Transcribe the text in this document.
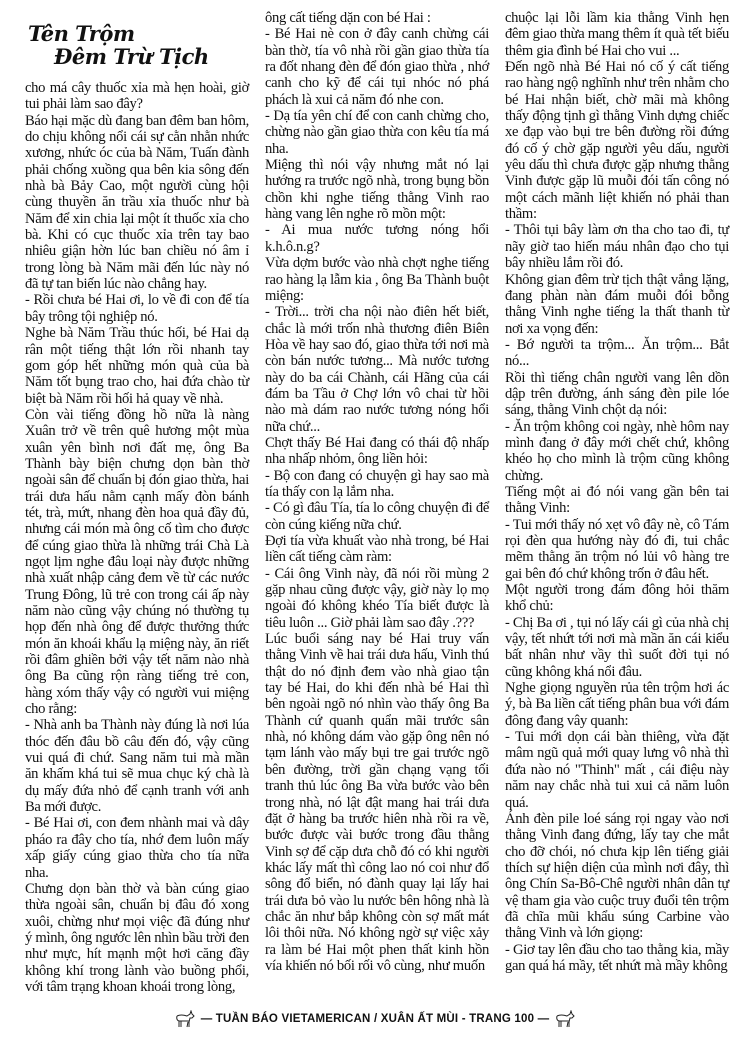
Tên Trộm
Đêm Trừ Tịch

cho má cây thuốc xỉa mà hẹn hoài, giờ tui phải làm sao đây?

Báo hại mặc dù đang ban đêm ban hôm, do chịu không nổi cái sự cằn nhằn nhức xương, nhức óc của bà Năm, Tuấn đành phải chống xuồng qua bên kia sông đến nhà bà Bảy Cao, một người cùng hội cùng thuyền ăn trầu xỉa thuốc như bà Năm để xin chia lại một ít thuốc xỉa cho bà. Khi có cục thuốc xỉa trên tay bao nhiêu giận hờn lúc ban chiều nó âm ỉ trong lòng bà Năm mãi đến lúc này nó đã tự tan biến lúc nào chẳng hay.

- Rồi chưa bé Hai ơi, lo về đi con để tía bây trông tội nghiệp nó.

Nghe bà Năm Trầu thúc hối, bé Hai dạ rân một tiếng thật lớn rồi nhanh tay gom góp hết những món quà của bà Năm tốt bụng trao cho, hai đứa chào từ biệt bà Năm rồi hối hả quay về nhà.

Còn vài tiếng đồng hồ nữa là nàng Xuân trở về trên quê hương một mùa xuân yên bình nơi đất mẹ, ông Ba Thành bày biện chưng dọn bàn thờ ngoài sân để chuẩn bị đón giao thừa, hai trái dưa hấu nằm cạnh mấy đòn bánh tét, trà, mứt, nhang đèn hoa quả đầy đủ, nhưng cái món mà ông cố tìm cho được để cúng giao thừa là những trái Chà Là ngọt lịm nghe đâu loại này được những nhà xuất nhập cảng đem về từ các nước Trung Đông, lũ trẻ con trong cái ấp này năm nào cũng vậy chúng nó thường tụ họp đến nhà ông để được thưởng thức món ăn khoái khẩu lạ miệng này, ăn riết rồi đâm ghiền bởi vậy tết năm nào nhà ông Ba cũng rộn ràng tiếng trẻ con, hàng xóm thấy vậy có người vui miệng cho rằng:

- Nhà anh ba Thành này đúng là nơi lúa thóc đến đâu bồ câu đến đó, vậy cũng vui quá đi chứ. Sang năm tui mà mần ăn khấm khá tui sẽ mua chục ký chà là dụ mấy đứa nhỏ để cạnh tranh với anh Ba mới được.

- Bé Hai ơi, con đem nhành mai và dây pháo ra đây cho tía, nhớ đem luôn mấy xấp giấy cúng giao thừa cho tía nữa nha.

Chưng dọn bàn thờ và bàn cúng giao thừa ngoài sân, chuẩn bị đâu đó xong xuôi, chừng như mọi việc đã đúng như ý mình, ông ngước lên nhìn bầu trời đen như mực, hít mạnh một hơi căng đầy không khí trong lành vào buồng phổi, với tâm trạng khoan khoái trong lòng,

ông cất tiếng dặn con bé Hai :

- Bé Hai nè con ở đây canh chừng cái bàn thờ, tía vô nhà rồi gần giao thừa tía ra đốt nhang đèn để đón giao thừa , nhớ canh cho kỹ để cái tụi nhóc nó phá phách là xui cả năm đó nhe con.

- Dạ tía yên chí để con canh chừng cho, chừng nào gần giao thừa con kêu tía má nha.

Miệng thì nói vậy nhưng mắt nó lại hướng ra trước ngõ nhà, trong bụng bồn chồn khi nghe tiếng thằng Vinh rao hàng vang lên nghe rõ mồn một:

- Ai mua nước tương nóng hổi k.h.ô.n.g?

Vừa dợm bước vào nhà chợt nghe tiếng rao hàng lạ lẫm kia , ông Ba Thành buột miệng:

- Trời... trời cha nội nào điên hết biết, chắc là mới trốn nhà thương điên Biên Hòa về hay sao đó, giao thừa tới nơi mà còn bán nước tương... Mà nước tương này do ba cái Chành, cái Hãng của cái đám ba Tầu ở Chợ lớn vô chai từ hồi nào mà dám rao nước tương nóng hổi nữa chứ...

Chợt thấy Bé Hai đang có thái độ nhấp nha nhấp nhỏm, ông liền hỏi:

- Bộ con đang có chuyện gì hay sao mà tía thấy con lạ lắm nha.

- Có gì đâu Tía, tía lo công chuyện đi để còn cúng kiếng nữa chứ.

Đợi tía vừa khuất vào nhà trong, bé Hai liền cất tiếng càm ràm:

- Cái ông Vinh này, đã nói rồi mùng 2 gặp nhau cũng được vậy, giờ này lọ mọ ngoài đó không khéo Tía biết được là tiêu luôn ... Giờ phải làm sao đây .???

Lúc buổi sáng nay bé Hai truy vấn thằng Vinh về hai trái dưa hấu, Vinh thú thật do nó định đem vào nhà giao tận tay bé Hai, do khi đến nhà bé Hai thì bên ngoài ngõ nó nhìn vào thấy ông Ba Thành cứ quanh quẩn mãi trước sân nhà, nó không dám vào gặp ông nên nó tạm lánh vào mấy bụi tre gai trước ngõ bên đường, trời gần chạng vạng tối tranh thủ lúc ông Ba vừa bước vào bên trong nhà, nó lật đật mang hai trái dưa đặt ở hàng ba trước hiên nhà rồi ra về, bước được vài bước trong đầu thằng Vinh sợ để cặp dưa chỗ đó có khi người khác lấy mất thì công lao nó coi như đổ sông đổ biển, nó đành quay lại lấy hai trái dưa bỏ vào lu nước bên hông nhà là chắc ăn như bắp không còn sợ mất mát lôi thôi nữa. Nó không ngờ sự việc xảy ra làm bé Hai một phen thất kinh hồn vía khiến nó bối rối vô cùng, như muốn

chuộc lại lỗi lầm kia thằng Vinh hẹn đêm giao thừa mang thêm ít quà tết biếu thêm gia đình bé Hai cho vui ...

Đến ngõ nhà Bé Hai nó cố ý cất tiếng rao hàng ngộ nghĩnh như trên nhằm cho bé Hai nhận biết, chờ mãi mà không thấy động tịnh gì thằng Vinh dựng chiếc xe đạp vào bụi tre bên đường rồi đứng đó cố ý chờ gặp người yêu dấu, người yêu dấu thì chưa được gặp nhưng thằng Vinh được gặp lũ muỗi đói tấn công nó một cách mãnh liệt khiến nó phải than thầm:

- Thôi tụi bây làm ơn tha cho tao đi, tự nãy giờ tao hiến máu nhân đạo cho tụi bây nhiều lắm rồi đó.

Không gian đêm trừ tịch thật vắng lặng, đang phàn nàn đám muỗi đói bỗng thằng Vinh nghe tiếng la thất thanh từ nơi xa vọng đến:

- Bớ người ta trộm... Ăn trộm... Bắt nó...

Rồi thì tiếng chân người vang lên dồn dập trên đường, ánh sáng đèn pile lóe sáng, thằng Vinh chột dạ nói:

- Ăn trộm không coi ngày, nhè hôm nay mình đang ở đây mới chết chứ, không khéo họ cho mình là trộm cũng không chừng.

Tiếng một ai đó nói vang gần bên tai thằng Vinh:

- Tui mới thấy nó xẹt vô đây nè, cô Tám rọi đèn qua hướng này đó đi, tui chắc mẽm thằng ăn trộm nó lủi vô hàng tre gai bên đó chứ không trốn ở đâu hết.

Một người trong đám đông hỏi thăm khổ chủ:

- Chị Ba ơi , tụi nó lấy cái gì của nhà chị vậy, tết nhứt tới nơi mà mần ăn cái kiểu bất nhân như vầy thì suốt đời tụi nó cũng không khá nổi đâu.

Nghe giọng nguyền rủa tên trộm hơi ác ý, bà Ba liền cất tiếng phân bua với đám đông đang vây quanh:

- Tui mới dọn cái bàn thiêng, vừa đặt mâm ngũ quả mới quay lưng vô nhà thì đứa nào nó "Thinh" mất , cái điệu này năm nay chắc nhà tui xui cả năm luôn quá.

Ánh đèn pile loé sáng rọi ngay vào nơi thằng Vinh đang đứng, lấy tay che mắt cho đỡ chói, nó chưa kịp lên tiếng giải thích sự hiện diện của mình nơi đây, thì ông Chín Sa-Bô-Chê người nhân dân tự vệ tham gia vào cuộc truy đuổi tên trộm đã chĩa mũi khẩu súng Carbine vào thằng Vinh và lớn giọng:

- Giơ tay lên đầu cho tao thằng kia, mầy gan quá há mầy, tết nhứt mà mầy không

— TUẦN BÁO VIETAMERICAN / XUÂN ẤT MÙI - TRANG 100 —
